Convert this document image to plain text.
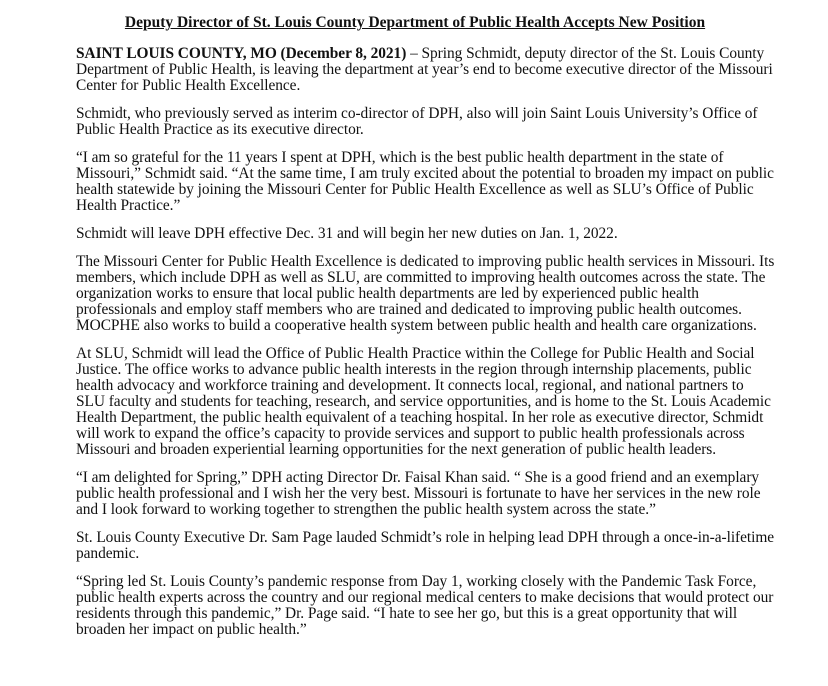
Deputy Director of St. Louis County Department of Public Health Accepts New Position

SAINT LOUIS COUNTY, MO (December 8, 2021) – Spring Schmidt, deputy director of the St. Louis County Department of Public Health, is leaving the department at year’s end to become executive director of the Missouri Center for Public Health Excellence.

Schmidt, who previously served as interim co-director of DPH, also will join Saint Louis University’s Office of Public Health Practice as its executive director.

“I am so grateful for the 11 years I spent at DPH, which is the best public health department in the state of Missouri,” Schmidt said. “At the same time, I am truly excited about the potential to broaden my impact on public health statewide by joining the Missouri Center for Public Health Excellence as well as SLU’s Office of Public Health Practice.”

Schmidt will leave DPH effective Dec. 31 and will begin her new duties on Jan. 1, 2022.

The Missouri Center for Public Health Excellence is dedicated to improving public health services in Missouri. Its members, which include DPH as well as SLU, are committed to improving health outcomes across the state. The organization works to ensure that local public health departments are led by experienced public health professionals and employ staff members who are trained and dedicated to improving public health outcomes. MOCPHE also works to build a cooperative health system between public health and health care organizations.

At SLU, Schmidt will lead the Office of Public Health Practice within the College for Public Health and Social Justice. The office works to advance public health interests in the region through internship placements, public health advocacy and workforce training and development. It connects local, regional, and national partners to SLU faculty and students for teaching, research, and service opportunities, and is home to the St. Louis Academic Health Department, the public health equivalent of a teaching hospital. In her role as executive director, Schmidt will work to expand the office’s capacity to provide services and support to public health professionals across Missouri and broaden experiential learning opportunities for the next generation of public health leaders.

“I am delighted for Spring,” DPH acting Director Dr. Faisal Khan said. “ She is a good friend and an exemplary public health professional and I wish her the very best. Missouri is fortunate to have her services in the new role and I look forward to working together to strengthen the public health system across the state.”

St. Louis County Executive Dr. Sam Page lauded Schmidt’s role in helping lead DPH through a once-in-a-lifetime pandemic.

“Spring led St. Louis County’s pandemic response from Day 1, working closely with the Pandemic Task Force, public health experts across the country and our regional medical centers to make decisions that would protect our residents through this pandemic,” Dr. Page said. “I hate to see her go, but this is a great opportunity that will broaden her impact on public health.”
